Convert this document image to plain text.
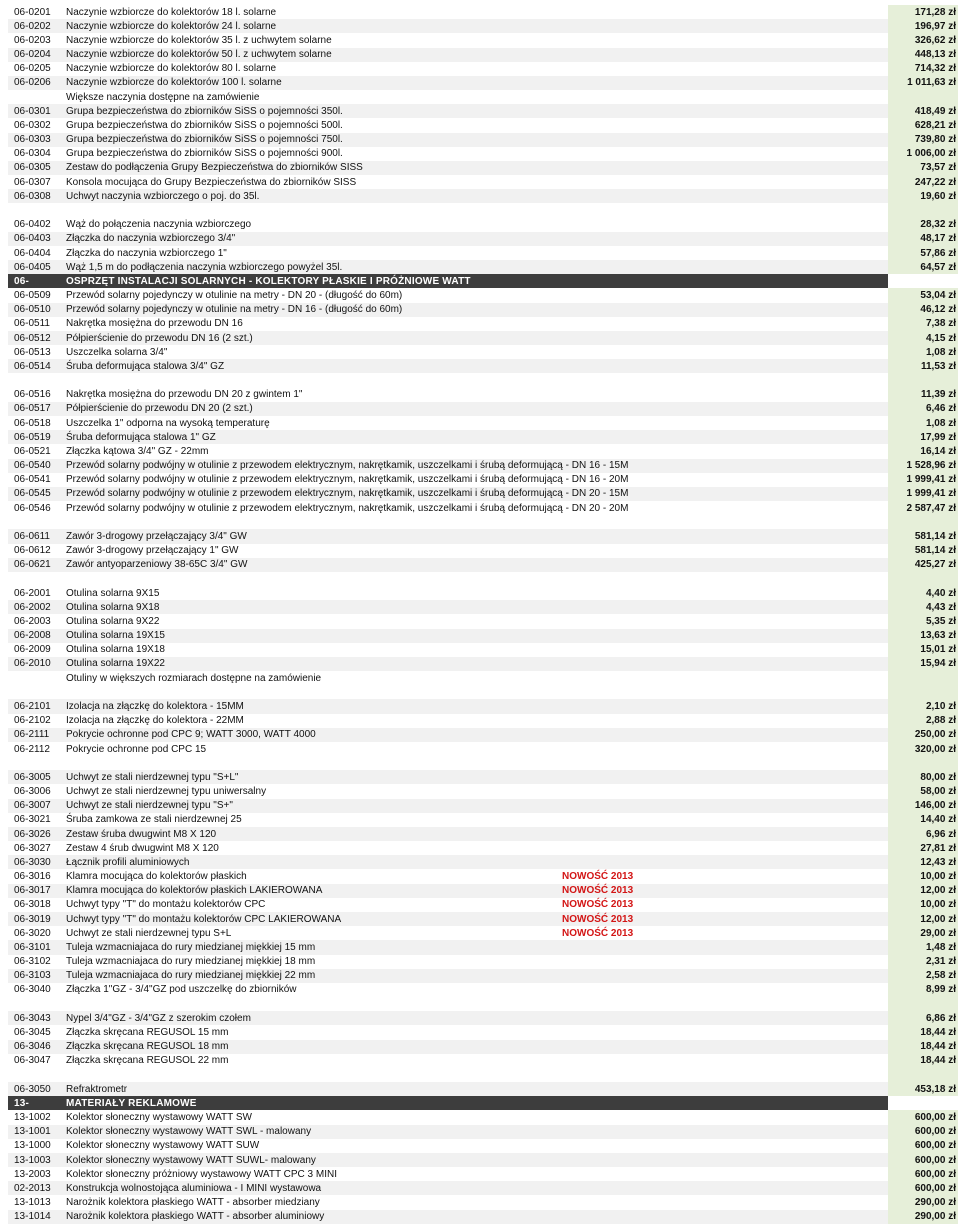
06-0201	Naczynie wzbiorcze do kolektorów 18 l. solarne	171,28 zł
06-0202	Naczynie wzbiorcze do kolektorów 24 l. solarne	196,97 zł
06-0203	Naczynie wzbiorcze do kolektorów 35 l. z uchwytem solarne	326,62 zł
06-0204	Naczynie wzbiorcze do kolektorów 50 l. z uchwytem solarne	448,13 zł
06-0205	Naczynie wzbiorcze do kolektorów 80 l. solarne	714,32 zł
06-0206	Naczynie wzbiorcze do kolektorów 100 l. solarne	1 011,63 zł
Większe naczynia dostępne na zamówienie
06-0301	Grupa bezpieczeństwa do zbiorników SiSS o pojemności 350l.	418,49 zł
06-0302	Grupa bezpieczeństwa do zbiorników SiSS o pojemności 500l.	628,21 zł
06-0303	Grupa bezpieczeństwa do zbiorników SiSS o pojemności 750l.	739,80 zł
06-0304	Grupa bezpieczeństwa do zbiorników SiSS o pojemności 900l.	1 006,00 zł
06-0305	Zestaw do podłączenia Grupy Bezpieczeństwa do zbiorników SISS	73,57 zł
06-0307	Konsola mocująca do Grupy Bezpieczeństwa do zbiorników SISS	247,22 zł
06-0308	Uchwyt naczynia wzbiorczego o poj. do 35l.	19,60 zł
06-0402	Wąż do połączenia naczynia wzbiorczego	28,32 zł
06-0403	Złączka do naczynia wzbiorczego 3/4"	48,17 zł
06-0404	Złączka do naczynia wzbiorczego 1"	57,86 zł
06-0405	Wąż 1,5 m do podłączenia naczynia wzbiorczego powyżel 35l.	64,57 zł
06-	OSPRZĘT INSTALACJI SOLARNYCH - KOLEKTORY PŁASKIE I PRÓŻNIOWE WATT
06-0509	Przewód solarny pojedynczy w otulinie na metry - DN 20 - (długość do 60m)	53,04 zł
06-0510	Przewód solarny pojedynczy w otulinie na metry - DN 16 - (długość do 60m)	46,12 zł
06-0511	Nakrętka mosiężna do przewodu DN 16	7,38 zł
06-0512	Półpierścienie do przewodu DN 16 (2 szt.)	4,15 zł
06-0513	Uszczelka solarna 3/4"	1,08 zł
06-0514	Śruba deformująca stalowa 3/4" GZ	11,53 zł
06-0516	Nakrętka mosiężna do przewodu DN 20 z gwintem 1"	11,39 zł
06-0517	Półpierścienie do przewodu DN 20 (2 szt.)	6,46 zł
06-0518	Uszczelka 1" odporna na wysoką temperaturę	1,08 zł
06-0519	Śruba deformująca stalowa 1" GZ	17,99 zł
06-0521	Złączka kątowa 3/4" GZ - 22mm	16,14 zł
06-0540	Przewód solarny podwójny w otulinie z przewodem elektrycznym, nakrętkamik, uszczelkami i śrubą deformującą - DN 16 - 15M	1 528,96 zł
06-0541	Przewód solarny podwójny w otulinie z przewodem elektrycznym, nakrętkamik, uszczelkami i śrubą deformującą - DN 16 - 20M	1 999,41 zł
06-0545	Przewód solarny podwójny w otulinie z przewodem elektrycznym, nakrętkamik, uszczelkami i śrubą deformującą - DN 20 - 15M	1 999,41 zł
06-0546	Przewód solarny podwójny w otulinie z przewodem elektrycznym, nakrętkamik, uszczelkami i śrubą deformującą - DN 20 - 20M	2 587,47 zł
06-0611	Zawór 3-drogowy przełączający 3/4" GW	581,14 zł
06-0612	Zawór 3-drogowy przełączający 1" GW	581,14 zł
06-0621	Zawór antyoparzeniowy 38-65C 3/4" GW	425,27 zł
06-2001	Otulina solarna 9X15	4,40 zł
06-2002	Otulina solarna 9X18	4,43 zł
06-2003	Otulina solarna 9X22	5,35 zł
06-2008	Otulina solarna 19X15	13,63 zł
06-2009	Otulina solarna 19X18	15,01 zł
06-2010	Otulina solarna 19X22	15,94 zł
Otuliny w większych rozmiarach dostępne na zamówienie
06-2101	Izolacja na złączkę do kolektora - 15MM	2,10 zł
06-2102	Izolacja na złączkę do kolektora - 22MM	2,88 zł
06-2111	Pokrycie ochronne pod CPC 9; WATT 3000, WATT 4000	250,00 zł
06-2112	Pokrycie ochronne pod CPC 15	320,00 zł
06-3005	Uchwyt ze stali nierdzewnej typu "S+L"	80,00 zł
06-3006	Uchwyt ze stali nierdzewnej typu uniwersalny	58,00 zł
06-3007	Uchwyt ze stali nierdzewnej typu "S+"	146,00 zł
06-3021	Śruba zamkowa ze stali nierdzewnej 25	14,40 zł
06-3026	Zestaw śruba dwugwint M8 X 120	6,96 zł
06-3027	Zestaw 4 śrub dwugwint M8 X 120	27,81 zł
06-3030	Łącznik profili aluminiowych	12,43 zł
06-3016	Klamra mocująca do kolektorów płaskich	NOWOŚĆ 2013	10,00 zł
06-3017	Klamra mocująca do kolektorów płaskich LAKIEROWANA	NOWOŚĆ 2013	12,00 zł
06-3018	Uchwyt typy "T" do montażu kolektorów CPC	NOWOŚĆ 2013	10,00 zł
06-3019	Uchwyt typy "T" do montażu kolektorów CPC LAKIEROWANA	NOWOŚĆ 2013	12,00 zł
06-3020	Uchwyt ze stali nierdzewnej typu S+L	NOWOŚĆ 2013	29,00 zł
06-3101	Tuleja wzmacniajaca do rury miedzianej miękkiej 15 mm	1,48 zł
06-3102	Tuleja wzmacniajaca do rury miedzianej miękkiej 18 mm	2,31 zł
06-3103	Tuleja wzmacniajaca do rury miedzianej miękkiej 22 mm	2,58 zł
06-3040	Złączka 1"GZ - 3/4"GZ pod uszczelkę do zbiorników	8,99 zł
06-3043	Nypel 3/4"GZ - 3/4"GZ z szerokim czołem	6,86 zł
06-3045	Złączka skręcana REGUSOL 15 mm	18,44 zł
06-3046	Złączka skręcana REGUSOL 18 mm	18,44 zł
06-3047	Złączka skręcana REGUSOL 22 mm	18,44 zł
06-3050	Refraktrometr	453,18 zł
13-	MATERIAŁY REKLAMOWE
13-1002	Kolektor słoneczny wystawowy WATT SW	600,00 zł
13-1001	Kolektor słoneczny wystawowy WATT SWL - malowany	600,00 zł
13-1000	Kolektor słoneczny wystawowy WATT SUW	600,00 zł
13-1003	Kolektor słoneczny wystawowy WATT SUWL- malowany	600,00 zł
13-2003	Kolektor słoneczny próżniowy wystawowy WATT CPC 3 MINI	600,00 zł
02-2013	Konstrukcja wolnostojąca aluminiowa - I MINI wystawowa	600,00 zł
13-1013	Narożnik kolektora płaskiego WATT - absorber miedziany	290,00 zł
13-1014	Narożnik kolektora płaskiego WATT - absorber aluminiowy	290,00 zł
